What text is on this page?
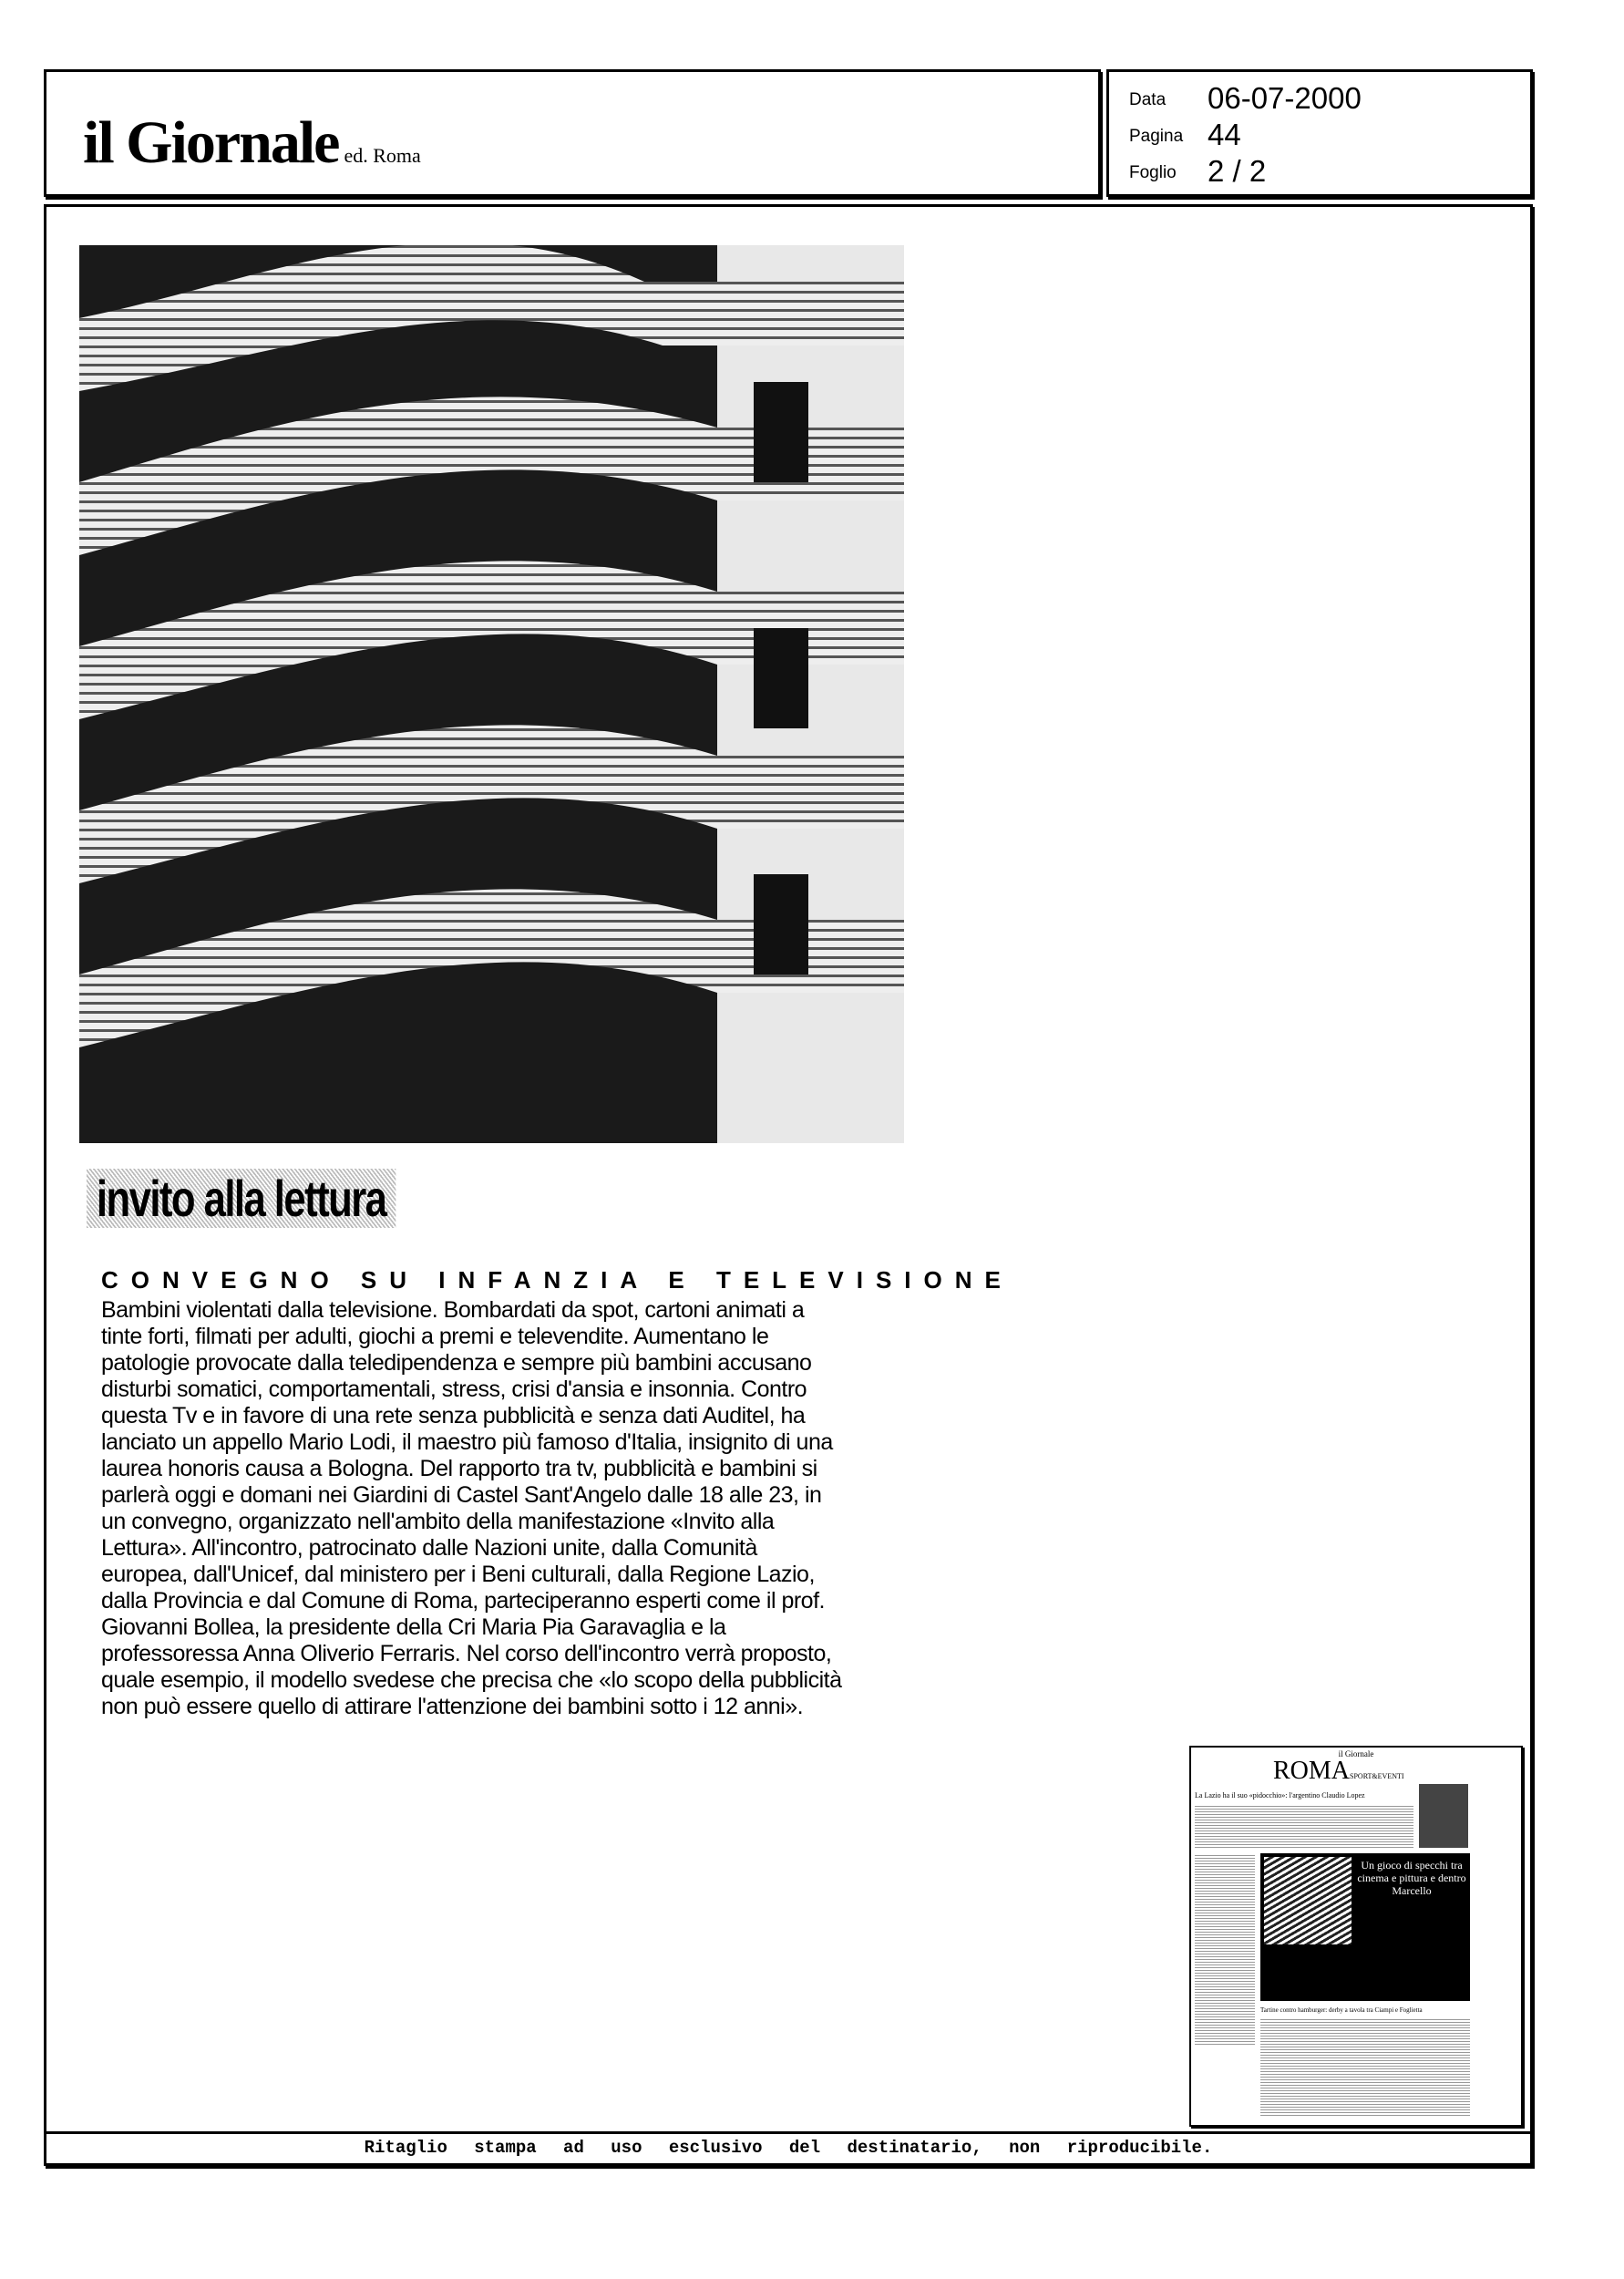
il Giornale ed. Roma
Data 06-07-2000
Pagina 44
Foglio 2 / 2
invito alla lettura
CONVEGNO SU INFANZIA E TELEVISIONE
Bambini violentati dalla televisione. Bombardati da spot, cartoni animati a
tinte forti, filmati per adulti, giochi a premi e televendite. Aumentano le
patologie provocate dalla teledipendenza e sempre più bambini accusano
disturbi somatici, comportamentali, stress, crisi d'ansia e insonnia. Contro
questa Tv e in favore di una rete senza pubblicità e senza dati Auditel, ha
lanciato un appello Mario Lodi, il maestro più famoso d'Italia, insignito di una
laurea honoris causa a Bologna. Del rapporto tra tv, pubblicità e bambini si
parlerà oggi e domani nei Giardini di Castel Sant'Angelo dalle 18 alle 23, in
un convegno, organizzato nell'ambito della manifestazione «Invito alla
Lettura». All'incontro, patrocinato dalle Nazioni unite, dalla Comunità
europea, dall'Unicef, dal ministero per i Beni culturali, dalla Regione Lazio,
dalla Provincia e dal Comune di Roma, parteciperanno esperti come il prof.
Giovanni Bollea, la presidente della Cri Maria Pia Garavaglia e la
professoressa Anna Oliverio Ferraris. Nel corso dell'incontro verrà proposto,
quale esempio, il modello svedese che precisa che «lo scopo della pubblicità
non può essere quello di attirare l'attenzione dei bambini sotto i 12 anni».
il Giornale
ROMASPORT&EVENTI
La Lazio ha il suo «pidocchio»: l'argentino Claudio Lopez
Un gioco di specchi tra cinema e pittura e dentro Marcello
Tartine contro hamburger: derby a tavola tra Ciampi e Foglietta
Ritaglio stampa ad uso esclusivo del destinatario, non riproducibile.
